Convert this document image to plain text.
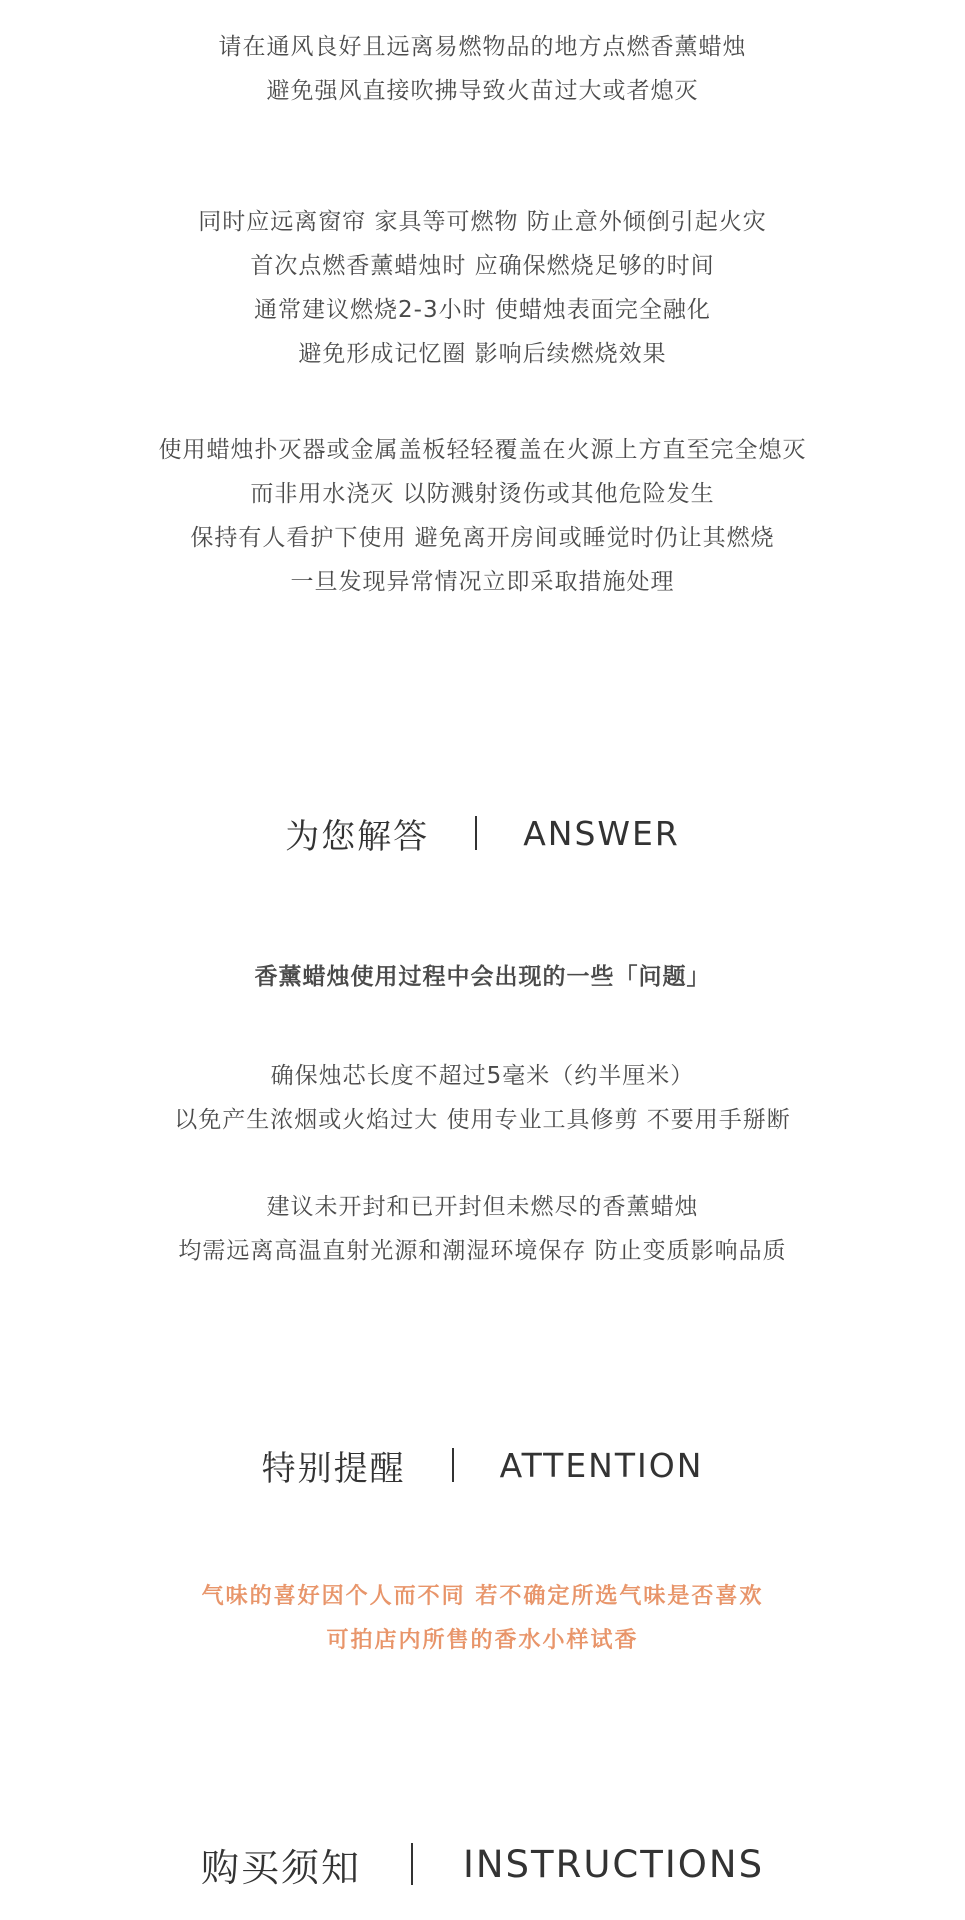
请在通风良好且远离易燃物品的地方点燃香薰蜡烛
避免强风直接吹拂导致火苗过大或者熄灭
同时应远离窗帘 家具等可燃物 防止意外倾倒引起火灾
首次点燃香薰蜡烛时 应确保燃烧足够的时间
通常建议燃烧2-3小时 使蜡烛表面完全融化
避免形成记忆圈 影响后续燃烧效果
使用蜡烛扑灭器或金属盖板轻轻覆盖在火源上方直至完全熄灭
而非用水浇灭 以防溅射烫伤或其他危险发生
保持有人看护下使用 避免离开房间或睡觉时仍让其燃烧
一旦发现异常情况立即采取措施处理
为您解答	ANSWER
香薰蜡烛使用过程中会出现的一些「问题」
确保烛芯长度不超过5毫米（约半厘米）
以免产生浓烟或火焰过大 使用专业工具修剪 不要用手掰断
建议未开封和已开封但未燃尽的香薰蜡烛
均需远离高温直射光源和潮湿环境保存 防止变质影响品质
特别提醒	ATTENTION
气味的喜好因个人而不同 若不确定所选气味是否喜欢
可拍店内所售的香水小样试香
购买须知	INSTRUCTIONS
